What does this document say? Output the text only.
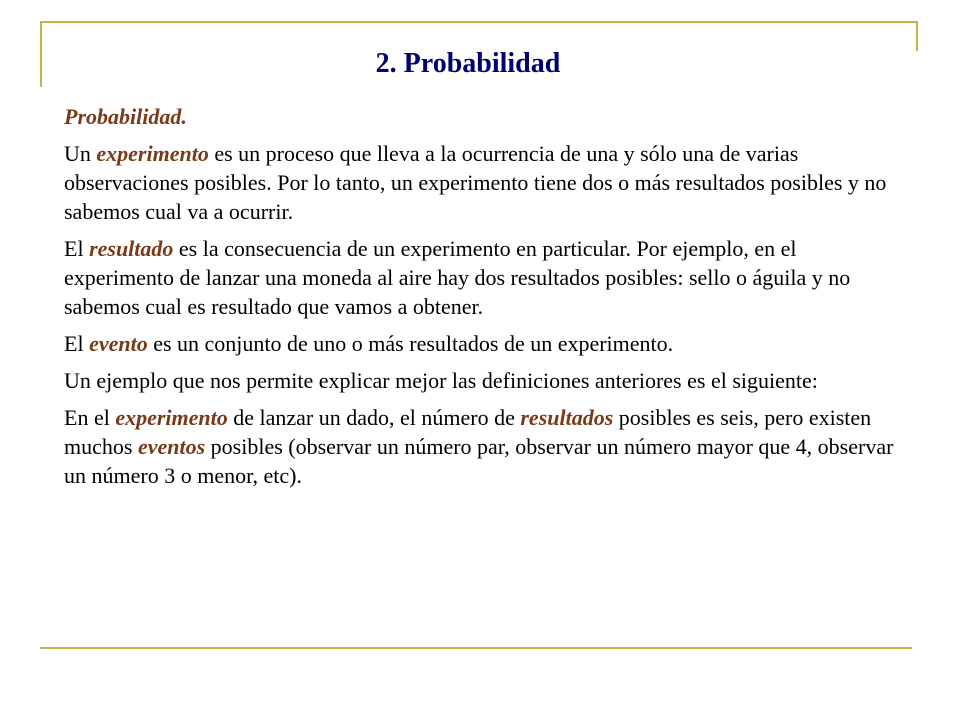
2. Probabilidad

Probabilidad.

Un experimento es un proceso que lleva a la ocurrencia de una y sólo una de varias observaciones posibles. Por lo tanto, un experimento tiene dos o más resultados posibles y no sabemos cual va a ocurrir.

El resultado es la consecuencia de un experimento en particular. Por ejemplo, en el experimento de lanzar una moneda al aire hay dos resultados posibles: sello o águila y no sabemos cual es resultado que vamos a obtener.

El evento es un conjunto de uno o más resultados de un experimento.

Un ejemplo que nos permite explicar mejor las definiciones anteriores es el siguiente:

En el experimento de lanzar un dado, el número de resultados posibles es seis, pero existen muchos eventos posibles (observar un número par, observar un número mayor que 4, observar un número 3 o menor, etc).
